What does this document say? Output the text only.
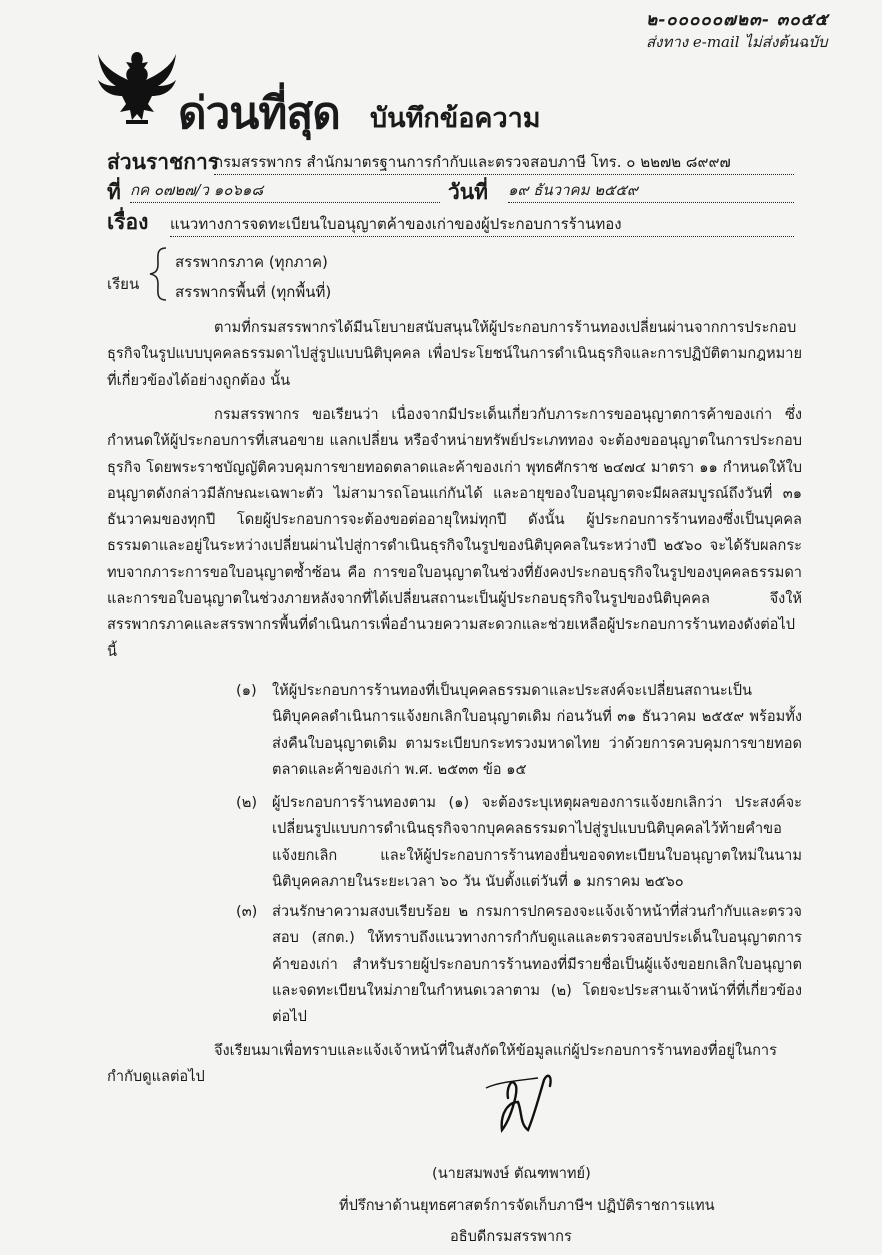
๒-๐๐๐๐๐๗๒๓- ๓๐๕๕
ส่งทาง e-mail ไม่ส่งต้นฉบับ
ด่วนที่สุด บันทึกข้อความ
ส่วนราชการ
กรมสรรพากร สำนักมาตรฐานการกำกับและตรวจสอบภาษี โทร. ๐ ๒๒๗๒ ๘๙๙๗
ที่ กค ๐๗๒๗/ว ๑๐๖๑๘	วันที่ ๑๙ ธันวาคม ๒๕๕๙
เรื่อง แนวทางการจดทะเบียนใบอนุญาตค้าของเก่าของผู้ประกอบการร้านทอง
เรียน
สรรพากรภาค (ทุกภาค)
สรรพากรพื้นที่ (ทุกพื้นที่)
ตามที่กรมสรรพากรได้มีนโยบายสนับสนุนให้ผู้ประกอบการร้านทองเปลี่ยนผ่านจากการประกอบธุรกิจในรูปแบบบุคคลธรรมดาไปสู่รูปแบบนิติบุคคล เพื่อประโยชน์ในการดำเนินธุรกิจและการปฏิบัติตามกฎหมายที่เกี่ยวข้องได้อย่างถูกต้อง นั้น
กรมสรรพากร ขอเรียนว่า เนื่องจากมีประเด็นเกี่ยวกับภาระการขออนุญาตการค้าของเก่า ซึ่งกำหนดให้ผู้ประกอบการที่เสนอขาย แลกเปลี่ยน หรือจำหน่ายทรัพย์ประเภททอง จะต้องขออนุญาตในการประกอบธุรกิจ โดยพระราชบัญญัติควบคุมการขายทอดตลาดและค้าของเก่า พุทธศักราช ๒๔๗๔ มาตรา ๑๑ กำหนดให้ใบอนุญาตดังกล่าวมีลักษณะเฉพาะตัว ไม่สามารถโอนแก่กันได้ และอายุของใบอนุญาตจะมีผลสมบูรณ์ถึงวันที่ ๓๑ ธันวาคมของทุกปี โดยผู้ประกอบการจะต้องขอต่ออายุใหม่ทุกปี ดังนั้น ผู้ประกอบการร้านทองซึ่งเป็นบุคคลธรรมดาและอยู่ในระหว่างเปลี่ยนผ่านไปสู่การดำเนินธุรกิจในรูปของนิติบุคคลในระหว่างปี ๒๕๖๐ จะได้รับผลกระทบจากภาระการขอใบอนุญาตซ้ำซ้อน คือ การขอใบอนุญาตในช่วงที่ยังคงประกอบธุรกิจในรูปของบุคคลธรรมดาและการขอใบอนุญาตในช่วงภายหลังจากที่ได้เปลี่ยนสถานะเป็นผู้ประกอบธุรกิจในรูปของนิติบุคคล จึงให้สรรพากรภาคและสรรพากรพื้นที่ดำเนินการเพื่ออำนวยความสะดวกและช่วยเหลือผู้ประกอบการร้านทองดังต่อไปนี้
(๑)	ให้ผู้ประกอบการร้านทองที่เป็นบุคคลธรรมดาและประสงค์จะเปลี่ยนสถานะเป็นนิติบุคคลดำเนินการแจ้งยกเลิกใบอนุญาตเดิม ก่อนวันที่ ๓๑ ธันวาคม ๒๕๕๙ พร้อมทั้งส่งคืนใบอนุญาตเดิม ตามระเบียบกระทรวงมหาดไทย ว่าด้วยการควบคุมการขายทอดตลาดและค้าของเก่า พ.ศ. ๒๕๓๓ ข้อ ๑๕
(๒)	ผู้ประกอบการร้านทองตาม (๑) จะต้องระบุเหตุผลของการแจ้งยกเลิกว่า ประสงค์จะเปลี่ยนรูปแบบการดำเนินธุรกิจจากบุคคลธรรมดาไปสู่รูปแบบนิติบุคคลไว้ท้ายคำขอแจ้งยกเลิก และให้ผู้ประกอบการร้านทองยื่นขอจดทะเบียนใบอนุญาตใหม่ในนามนิติบุคคลภายในระยะเวลา ๖๐ วัน นับตั้งแต่วันที่ ๑ มกราคม ๒๕๖๐
(๓)	ส่วนรักษาความสงบเรียบร้อย ๒ กรมการปกครองจะแจ้งเจ้าหน้าที่ส่วนกำกับและตรวจสอบ (สกต.) ให้ทราบถึงแนวทางการกำกับดูแลและตรวจสอบประเด็นใบอนุญาตการค้าของเก่า สำหรับรายผู้ประกอบการร้านทองที่มีรายชื่อเป็นผู้แจ้งขอยกเลิกใบอนุญาต และจดทะเบียนใหม่ภายในกำหนดเวลาตาม (๒) โดยจะประสานเจ้าหน้าที่ที่เกี่ยวข้องต่อไป
จึงเรียนมาเพื่อทราบและแจ้งเจ้าหน้าที่ในสังกัดให้ข้อมูลแก่ผู้ประกอบการร้านทองที่อยู่ในการกำกับดูแลต่อไป
(นายสมพงษ์ ตัณฑพาทย์)
ที่ปรึกษาด้านยุทธศาสตร์การจัดเก็บภาษีฯ ปฏิบัติราชการแทน
อธิบดีกรมสรรพากร
